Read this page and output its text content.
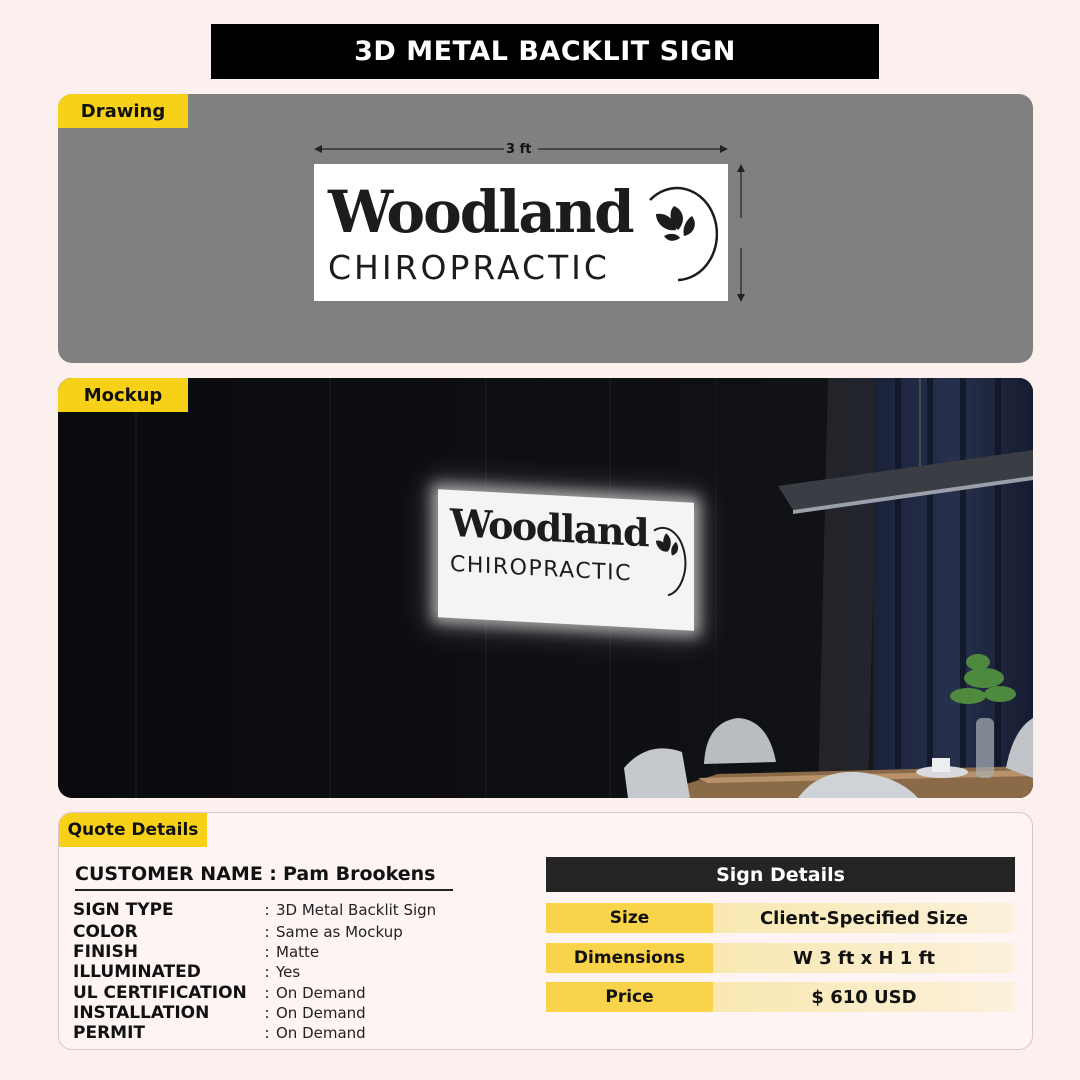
3D METAL BACKLIT SIGN
Drawing
3 ft
Woodland
CHIROPRACTIC
Mockup
Woodland
CHIROPRACTIC
Quote Details
CUSTOMER NAME : Pam Brookens
SIGN TYPE	: 3D Metal Backlit Sign
COLOR	: Same as Mockup
FINISH	: Matte
ILLUMINATED	: Yes
UL CERTIFICATION	: On Demand
INSTALLATION	: On Demand
PERMIT	: On Demand
Sign Details
Size	Client-Specified Size
Dimensions	W 3 ft x H 1 ft
Price	$ 610 USD
